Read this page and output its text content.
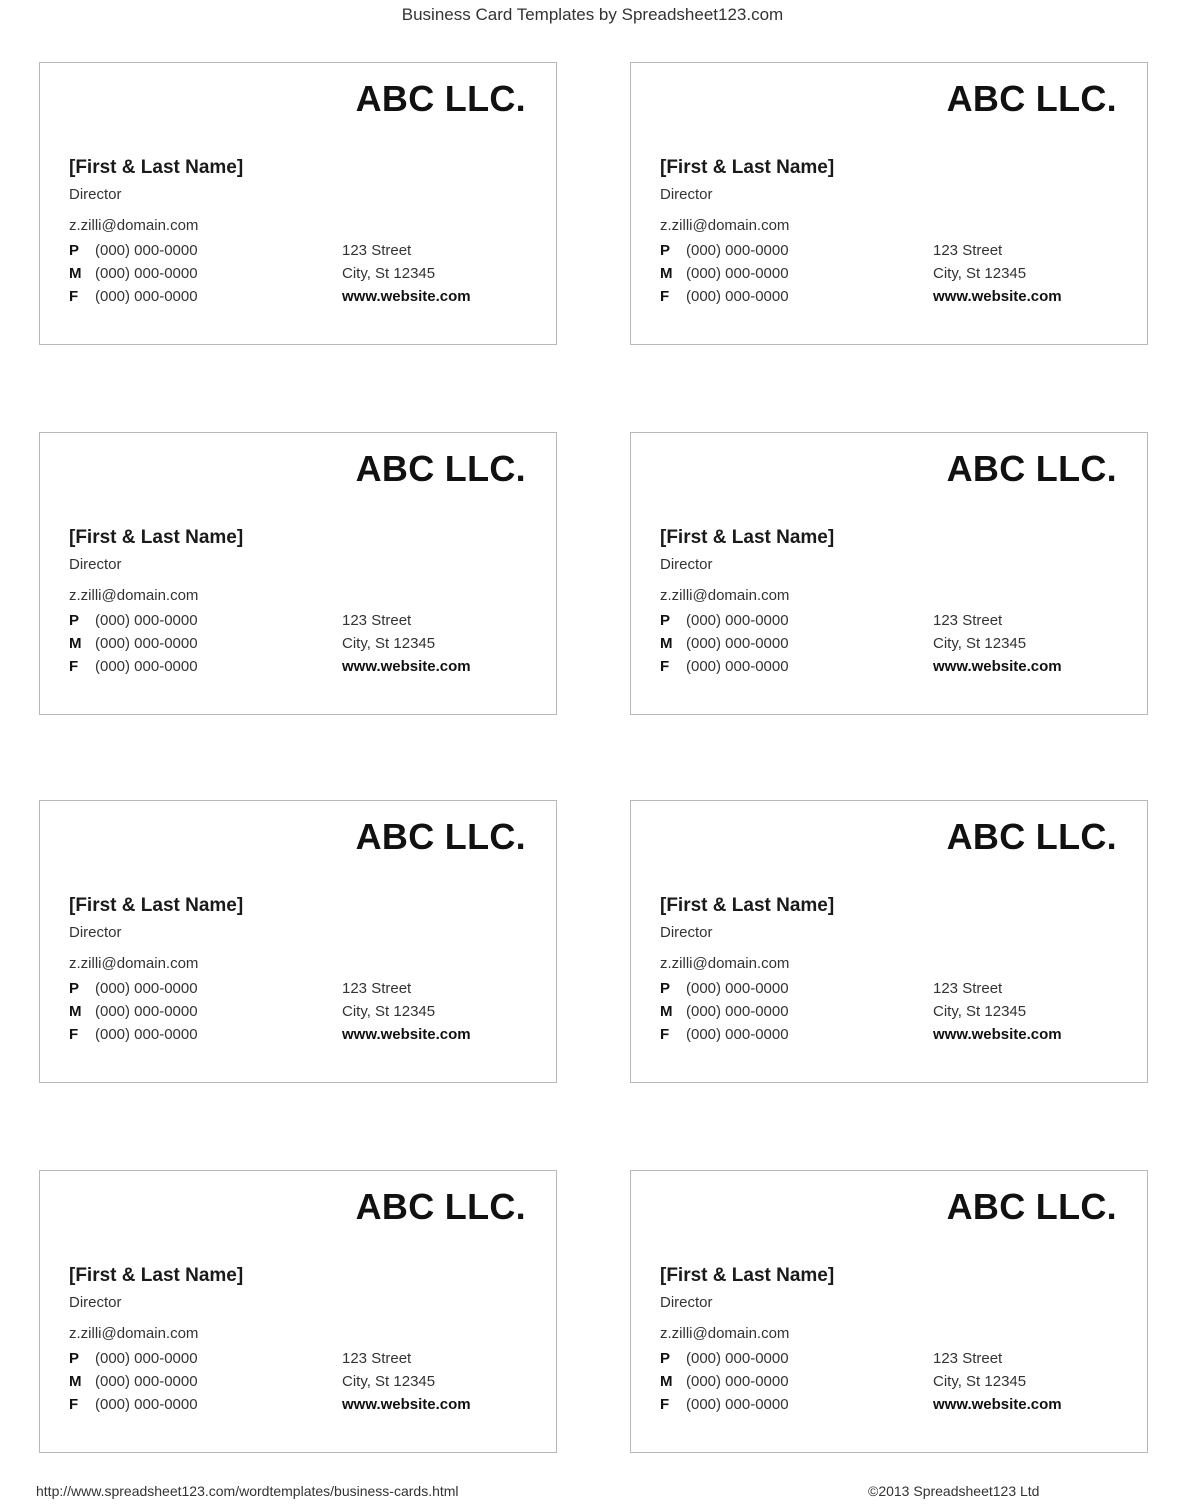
Business Card Templates by Spreadsheet123.com
ABC LLC.
[First & Last Name]
Director
z.zilli@domain.com
P (000) 000-0000
M (000) 000-0000
F (000) 000-0000
123 Street
City, St 12345
www.website.com
ABC LLC.
[First & Last Name]
Director
z.zilli@domain.com
P (000) 000-0000
M (000) 000-0000
F (000) 000-0000
123 Street
City, St 12345
www.website.com
ABC LLC.
[First & Last Name]
Director
z.zilli@domain.com
P (000) 000-0000
M (000) 000-0000
F (000) 000-0000
123 Street
City, St 12345
www.website.com
ABC LLC.
[First & Last Name]
Director
z.zilli@domain.com
P (000) 000-0000
M (000) 000-0000
F (000) 000-0000
123 Street
City, St 12345
www.website.com
ABC LLC.
[First & Last Name]
Director
z.zilli@domain.com
P (000) 000-0000
M (000) 000-0000
F (000) 000-0000
123 Street
City, St 12345
www.website.com
ABC LLC.
[First & Last Name]
Director
z.zilli@domain.com
P (000) 000-0000
M (000) 000-0000
F (000) 000-0000
123 Street
City, St 12345
www.website.com
ABC LLC.
[First & Last Name]
Director
z.zilli@domain.com
P (000) 000-0000
M (000) 000-0000
F (000) 000-0000
123 Street
City, St 12345
www.website.com
ABC LLC.
[First & Last Name]
Director
z.zilli@domain.com
P (000) 000-0000
M (000) 000-0000
F (000) 000-0000
123 Street
City, St 12345
www.website.com
http://www.spreadsheet123.com/wordtemplates/business-cards.html	©2013 Spreadsheet123 Ltd
